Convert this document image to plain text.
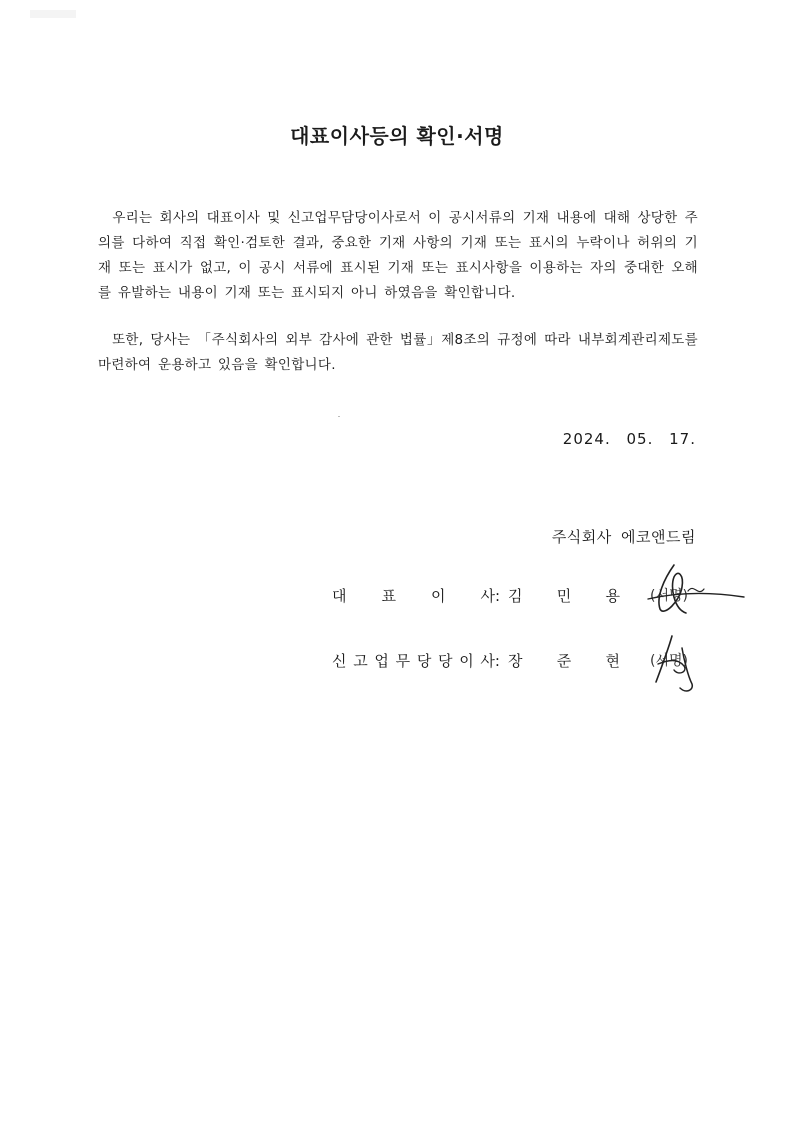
대표이사등의 확인·서명
우리는 회사의 대표이사 및 신고업무담당이사로서 이 공시서류의 기재 내용에 대해 상당한 주의를 다하여 직접 확인·검토한 결과, 중요한 기재 사항의 기재 또는 표시의 누락이나 허위의 기재 또는 표시가 없고, 이 공시 서류에 표시된 기재 또는 표시사항을 이용하는 자의 중대한 오해를 유발하는 내용이 기재 또는 표시되지 아니 하였음을 확인합니다.
또한, 당사는 「주식회사의 외부 감사에 관한 법률」제8조의 규정에 따라 내부회계관리제도를 마련하여 운용하고 있음을 확인합니다.
2024. 05. 17.
주식회사 에코앤드림
대 표 이 사: 김 민 용 (서명)
신 고 업 무 당 당 이 사: 장 준 현 (서명)
